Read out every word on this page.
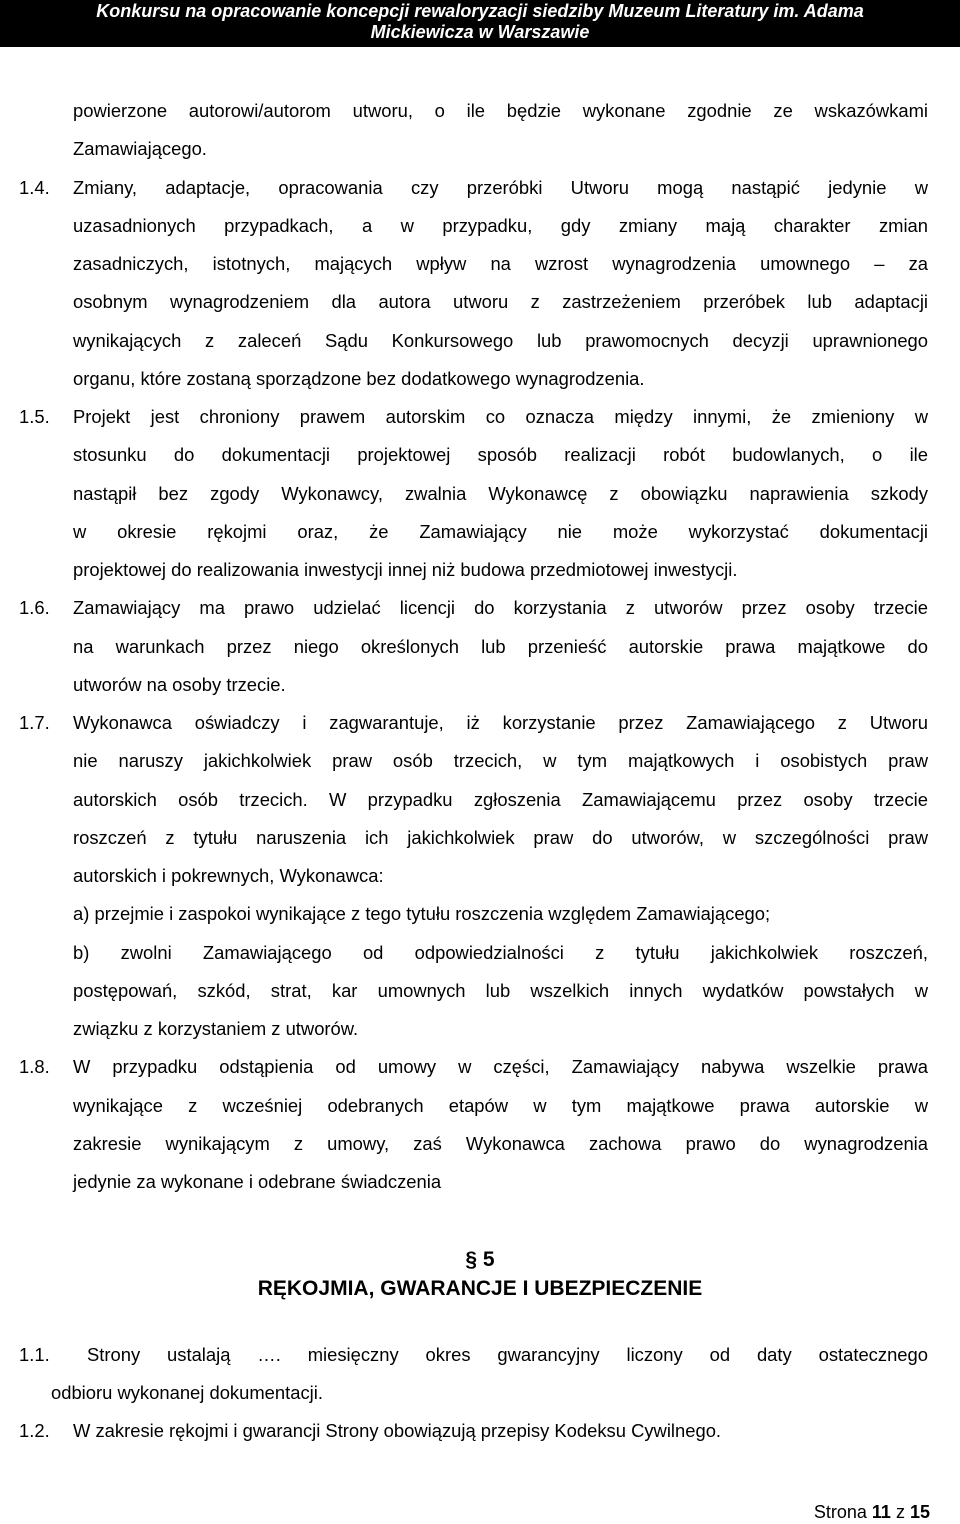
Konkursu na opracowanie koncepcji rewaloryzacji siedziby Muzeum Literatury im. Adama
Mickiewicza w Warszawie
powierzone autorowi/autorom utworu, o ile będzie wykonane zgodnie ze wskazówkami
Zamawiającego.
1.4. Zmiany, adaptacje, opracowania czy przeróbki Utworu mogą nastąpić jedynie w
uzasadnionych przypadkach, a w przypadku, gdy zmiany mają charakter zmian
zasadniczych, istotnych, mających wpływ na wzrost wynagrodzenia umownego – za
osobnym wynagrodzeniem dla autora utworu z zastrzeżeniem przeróbek lub adaptacji
wynikających z zaleceń Sądu Konkursowego lub prawomocnych decyzji uprawnionego
organu, które zostaną sporządzone bez dodatkowego wynagrodzenia.
1.5. Projekt jest chroniony prawem autorskim co oznacza między innymi, że zmieniony w
stosunku do dokumentacji projektowej sposób realizacji robót budowlanych, o ile
nastąpił bez zgody Wykonawcy, zwalnia Wykonawcę z obowiązku naprawienia szkody
w okresie rękojmi oraz, że Zamawiający nie może wykorzystać dokumentacji
projektowej do realizowania inwestycji innej niż budowa przedmiotowej inwestycji.
1.6. Zamawiający ma prawo udzielać licencji do korzystania z utworów przez osoby trzecie
na warunkach przez niego określonych lub przenieść autorskie prawa majątkowe do
utworów na osoby trzecie.
1.7. Wykonawca oświadczy i zagwarantuje, iż korzystanie przez Zamawiającego z Utworu
nie naruszy jakichkolwiek praw osób trzecich, w tym majątkowych i osobistych praw
autorskich osób trzecich. W przypadku zgłoszenia Zamawiającemu przez osoby trzecie
roszczeń z tytułu naruszenia ich jakichkolwiek praw do utworów, w szczególności praw
autorskich i pokrewnych, Wykonawca:
a) przejmie i zaspokoi wynikające z tego tytułu roszczenia względem Zamawiającego;
b) zwolni Zamawiającego od odpowiedzialności z tytułu jakichkolwiek roszczeń,
postępowań, szkód, strat, kar umownych lub wszelkich innych wydatków powstałych w
związku z korzystaniem z utworów.
1.8. W przypadku odstąpienia od umowy w części, Zamawiający nabywa wszelkie prawa
wynikające z wcześniej odebranych etapów w tym majątkowe prawa autorskie w
zakresie wynikającym z umowy, zaś Wykonawca zachowa prawo do wynagrodzenia
jedynie za wykonane i odebrane świadczenia
§ 5
RĘKOJMIA, GWARANCJE I UBEZPIECZENIE
1.1. Strony ustalają …. miesięczny okres gwarancyjny liczony od daty ostatecznego
odbioru wykonanej dokumentacji.
1.2. W zakresie rękojmi i gwarancji Strony obowiązują przepisy Kodeksu Cywilnego.
Strona 11 z 15
